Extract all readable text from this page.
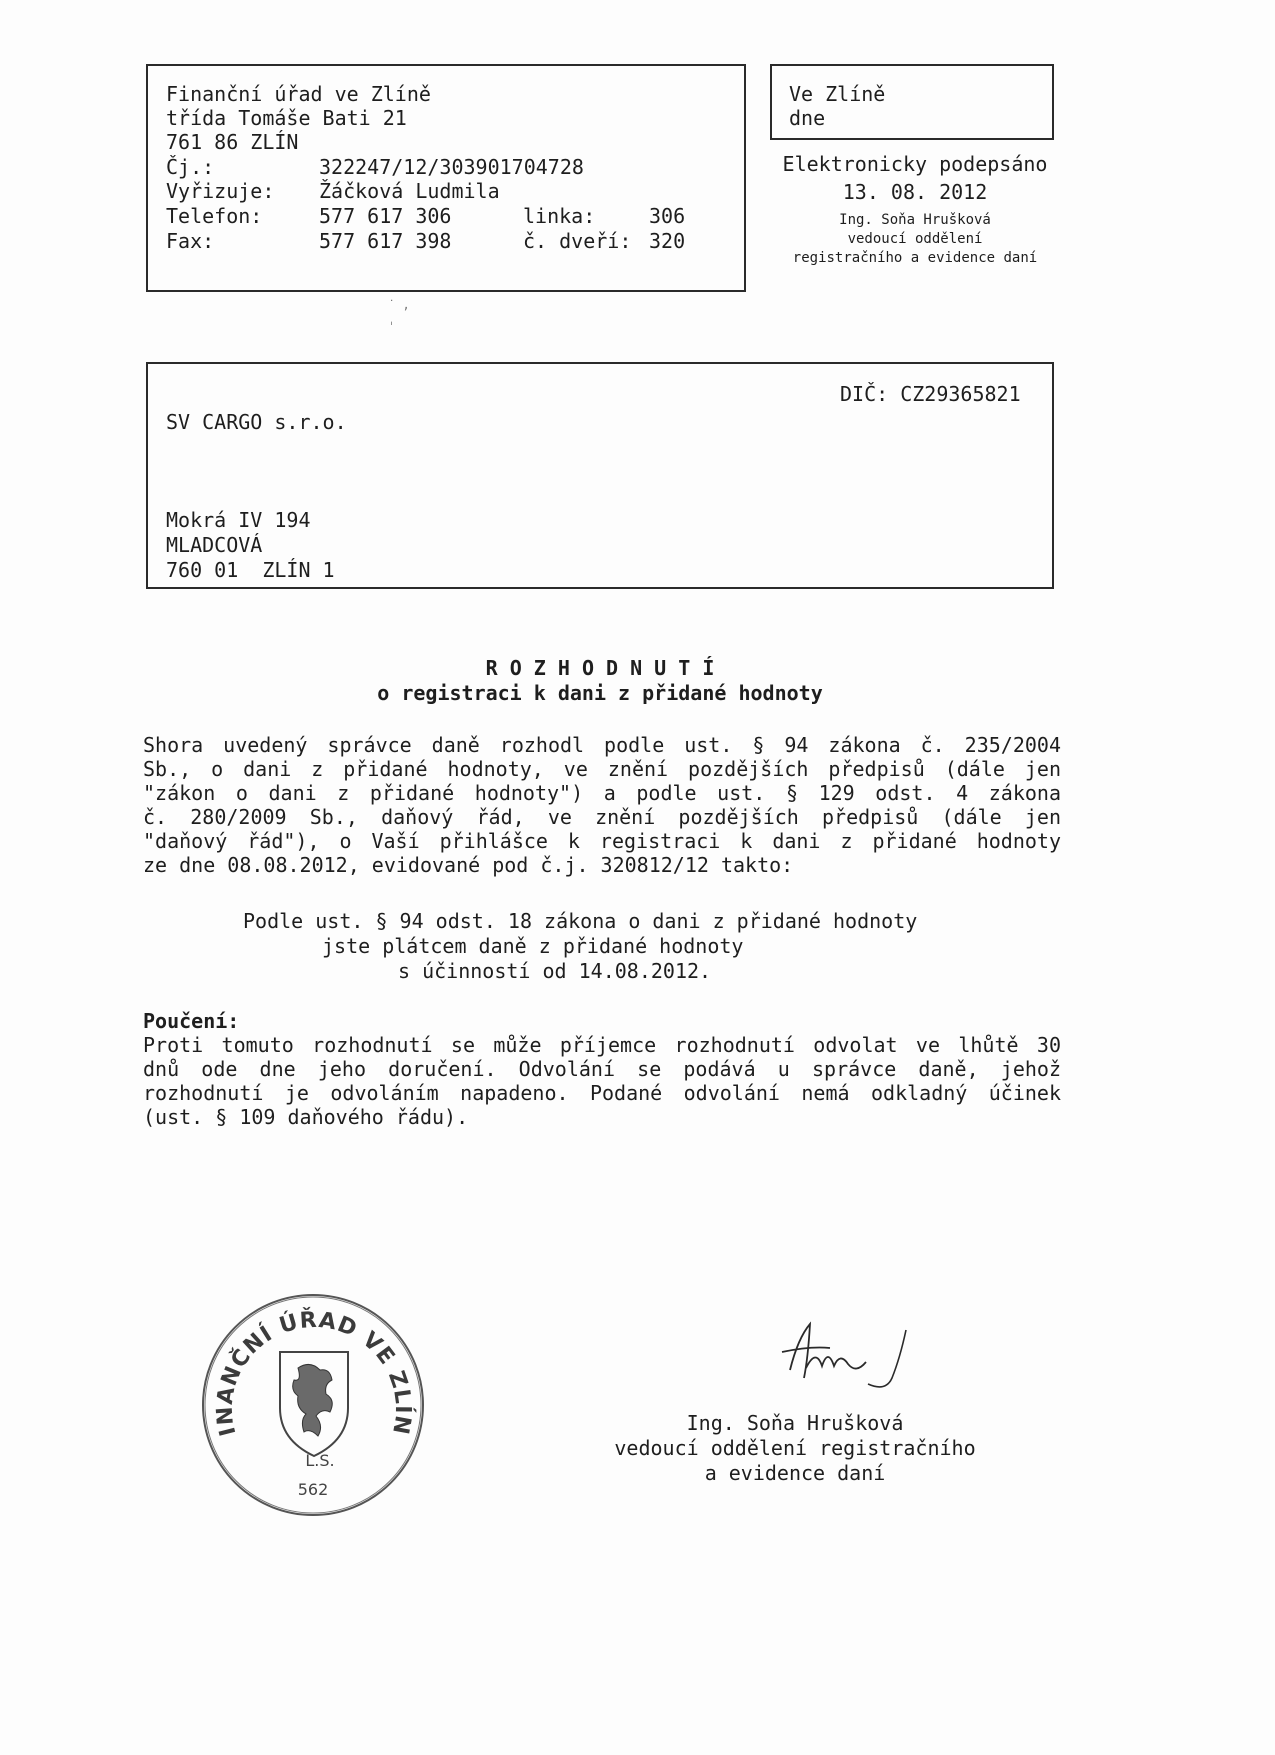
Finanční úřad ve Zlíně
třída Tomáše Bati 21
761 86 ZLÍN
Čj.:	322247/12/303901704728
Vyřizuje: Žáčková Ludmila
Telefon:	577 617 306	linka:	306
Fax:	577 617 398	č. dveří: 320
Ve Zlíně
dne
Elektronicky podepsáno
13. 08. 2012
Ing. Soňa Hrušková
vedoucí oddělení
registračního a evidence daní
˙ ,ˌ
DIČ: CZ29365821
SV CARGO s.r.o.
Mokrá IV 194
MLADCOVÁ
760 01  ZLÍN 1
R O Z H O D N U T Í
o registraci k dani z přidané hodnoty
Shora uvedený správce daně rozhodl podle ust. § 94 zákona č. 235/2004
Sb., o dani z přidané hodnoty, ve znění pozdějších předpisů (dále jen
"zákon o dani z přidané hodnoty") a podle ust. § 129 odst. 4 zákona
č. 280/2009 Sb., daňový řád, ve znění pozdějších předpisů (dále jen
"daňový řád"), o Vaší přihlášce k registraci k dani z přidané hodnoty
ze dne 08.08.2012, evidované pod č.j. 320812/12 takto:
Podle ust. § 94 odst. 18 zákona o dani z přidané hodnoty
jste plátcem daně z přidané hodnoty
s účinností od 14.08.2012.
Poučení:
Proti tomuto rozhodnutí se může příjemce rozhodnutí odvolat ve lhůtě 30
dnů ode dne jeho doručení. Odvolání se podává u správce daně, jehož
rozhodnutí je odvoláním napadeno. Podané odvolání nemá odkladný účinek
(ust. § 109 daňového řádu).
INANČNÍ ÚŘAD VE ZLÍN
L.S.
562
Ing. Soňa Hrušková
vedoucí oddělení registračního
a evidence daní
